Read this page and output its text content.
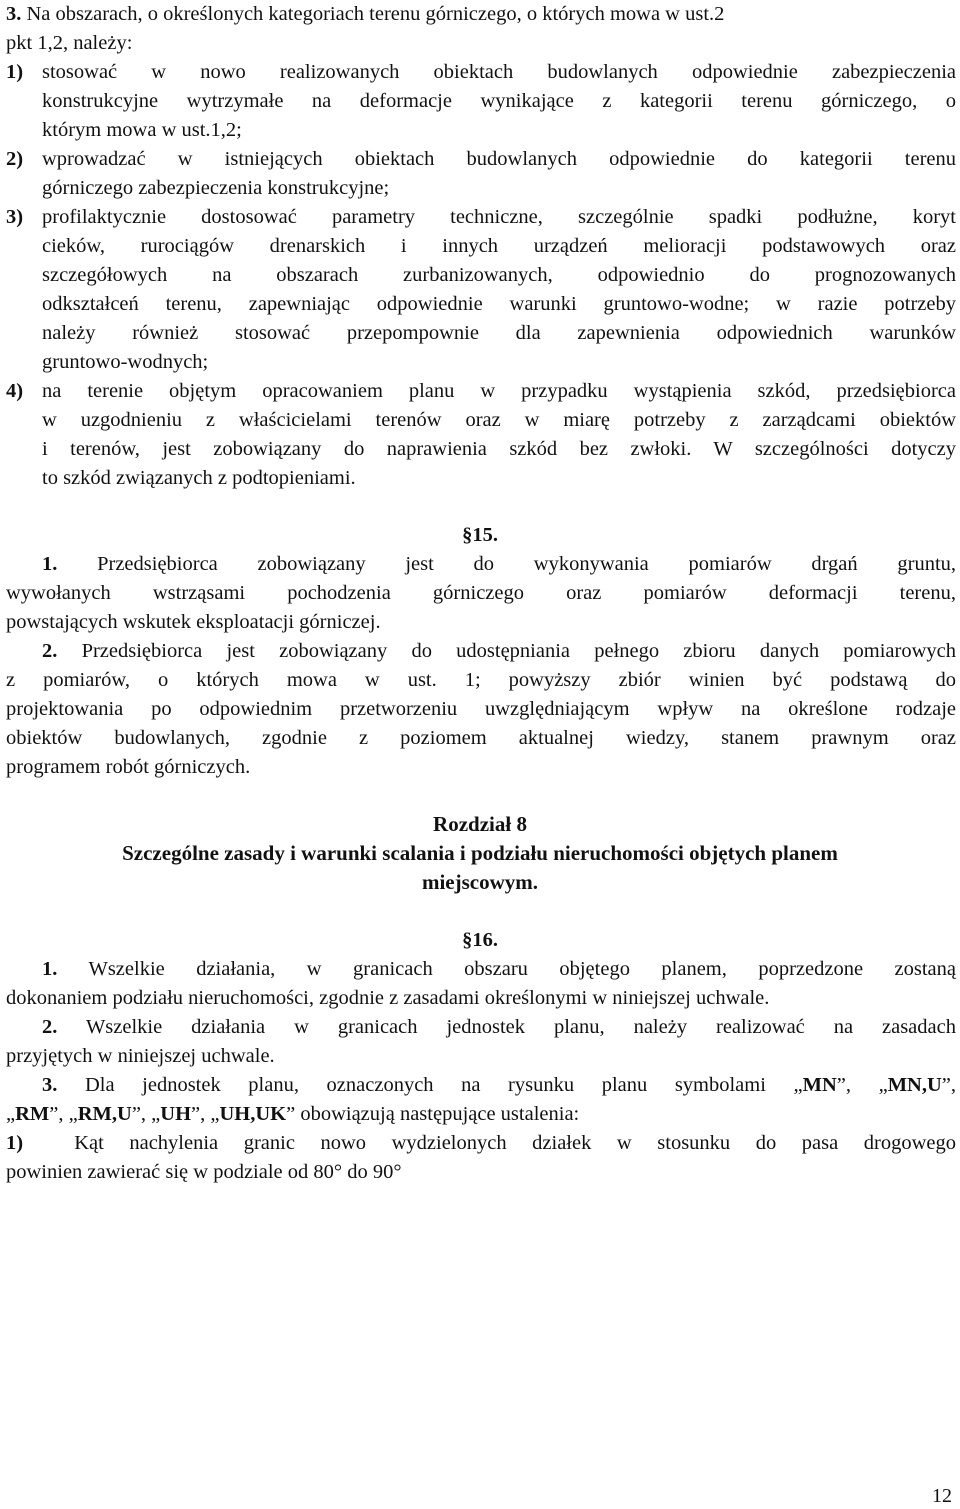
3. Na obszarach, o określonych kategoriach terenu górniczego, o których mowa w ust.2
pkt 1,2, należy:
1) stosować w nowo realizowanych obiektach budowlanych odpowiednie zabezpieczenia
konstrukcyjne wytrzymałe na deformacje wynikające z kategorii terenu górniczego, o
którym mowa w ust.1,2;
2) wprowadzać w istniejących obiektach budowlanych odpowiednie do kategorii terenu
górniczego zabezpieczenia konstrukcyjne;
3) profilaktycznie dostosować parametry techniczne, szczególnie spadki podłużne, koryt
cieków, rurociągów drenarskich i innych urządzeń melioracji podstawowych oraz
szczegółowych na obszarach zurbanizowanych, odpowiednio do prognozowanych
odkształceń terenu, zapewniając odpowiednie warunki gruntowo-wodne; w razie potrzeby
należy również stosować przepompownie dla zapewnienia odpowiednich warunków
gruntowo-wodnych;
4) na terenie objętym opracowaniem planu w przypadku wystąpienia szkód, przedsiębiorca
w uzgodnieniu z właścicielami terenów oraz w miarę potrzeby z zarządcami obiektów
i terenów, jest zobowiązany do naprawienia szkód bez zwłoki. W szczególności dotyczy
to szkód związanych z podtopieniami.
§15.
1. Przedsiębiorca zobowiązany jest do wykonywania pomiarów drgań gruntu,
wywołanych wstrząsami pochodzenia górniczego oraz pomiarów deformacji terenu,
powstających wskutek eksploatacji górniczej.
2. Przedsiębiorca jest zobowiązany do udostępniania pełnego zbioru danych pomiarowych
z pomiarów, o których mowa w ust. 1; powyższy zbiór winien być podstawą do
projektowania po odpowiednim przetworzeniu uwzględniającym wpływ na określone rodzaje
obiektów budowlanych, zgodnie z poziomem aktualnej wiedzy, stanem prawnym oraz
programem robót górniczych.
Rozdział 8
Szczególne zasady i warunki scalania i podziału nieruchomości objętych planem
miejscowym.
§16.
1. Wszelkie działania, w granicach obszaru objętego planem, poprzedzone zostaną
dokonaniem podziału nieruchomości, zgodnie z zasadami określonymi w niniejszej uchwale.
2. Wszelkie działania w granicach jednostek planu, należy realizować na zasadach
przyjętych w niniejszej uchwale.
3. Dla jednostek planu, oznaczonych na rysunku planu symbolami „MN”, „MN,U”,
„RM”, „RM,U”, „UH”, „UH,UK” obowiązują następujące ustalenia:
1) Kąt nachylenia granic nowo wydzielonych działek w stosunku do pasa drogowego
powinien zawierać się w podziale od 80° do 90°
12
